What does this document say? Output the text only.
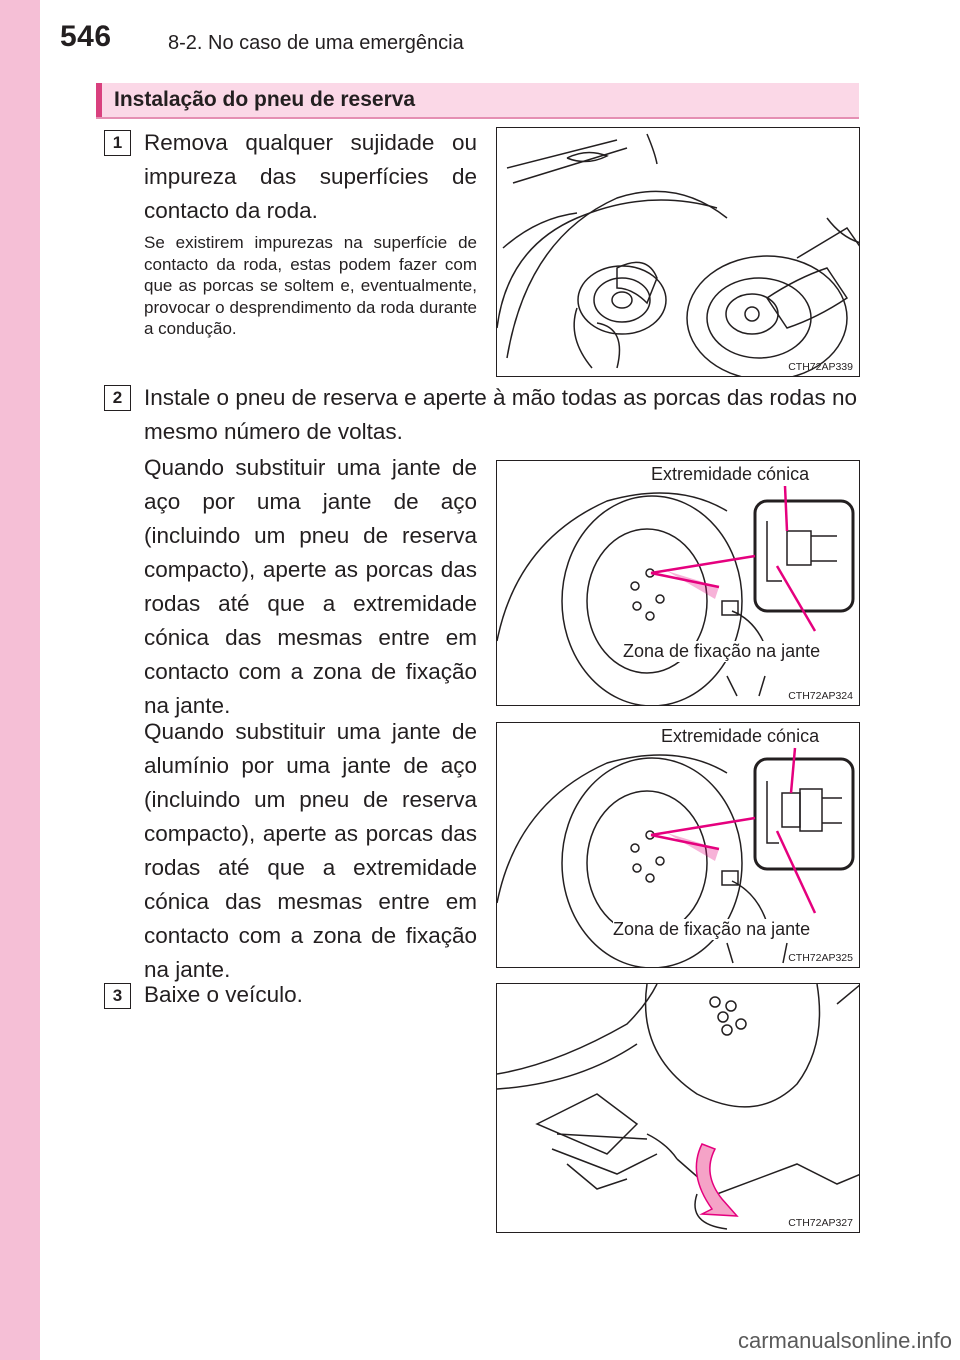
546	8-2. No caso de uma emergência
Instalação do pneu de reserva
1 Remova qualquer sujidade ou impureza das superfícies de contacto da roda.
Se existirem impurezas na superfície de contacto da roda, estas podem fazer com que as porcas se soltem e, eventualmente, provocar o desprendimento da roda durante a condução.
CTH72AP339
2 Instale o pneu de reserva e aperte à mão todas as porcas das rodas no mesmo número de voltas.
Quando substituir uma jante de aço por uma jante de aço (incluindo um pneu de reserva compacto), aperte as porcas das rodas até que a extremidade cónica das mesmas entre em contacto com a zona de fixação na jante.
Quando substituir uma jante de alumínio por uma jante de aço (incluindo um pneu de reserva compacto), aperte as porcas das rodas até que a extremidade cónica das mesmas entre em contacto com a zona de fixação na jante.
Extremidade cónica
Zona de fixação na jante
CTH72AP324
Extremidade cónica
Zona de fixação na jante
CTH72AP325
3 Baixe o veículo.
CTH72AP327
carmanualsonline.info
